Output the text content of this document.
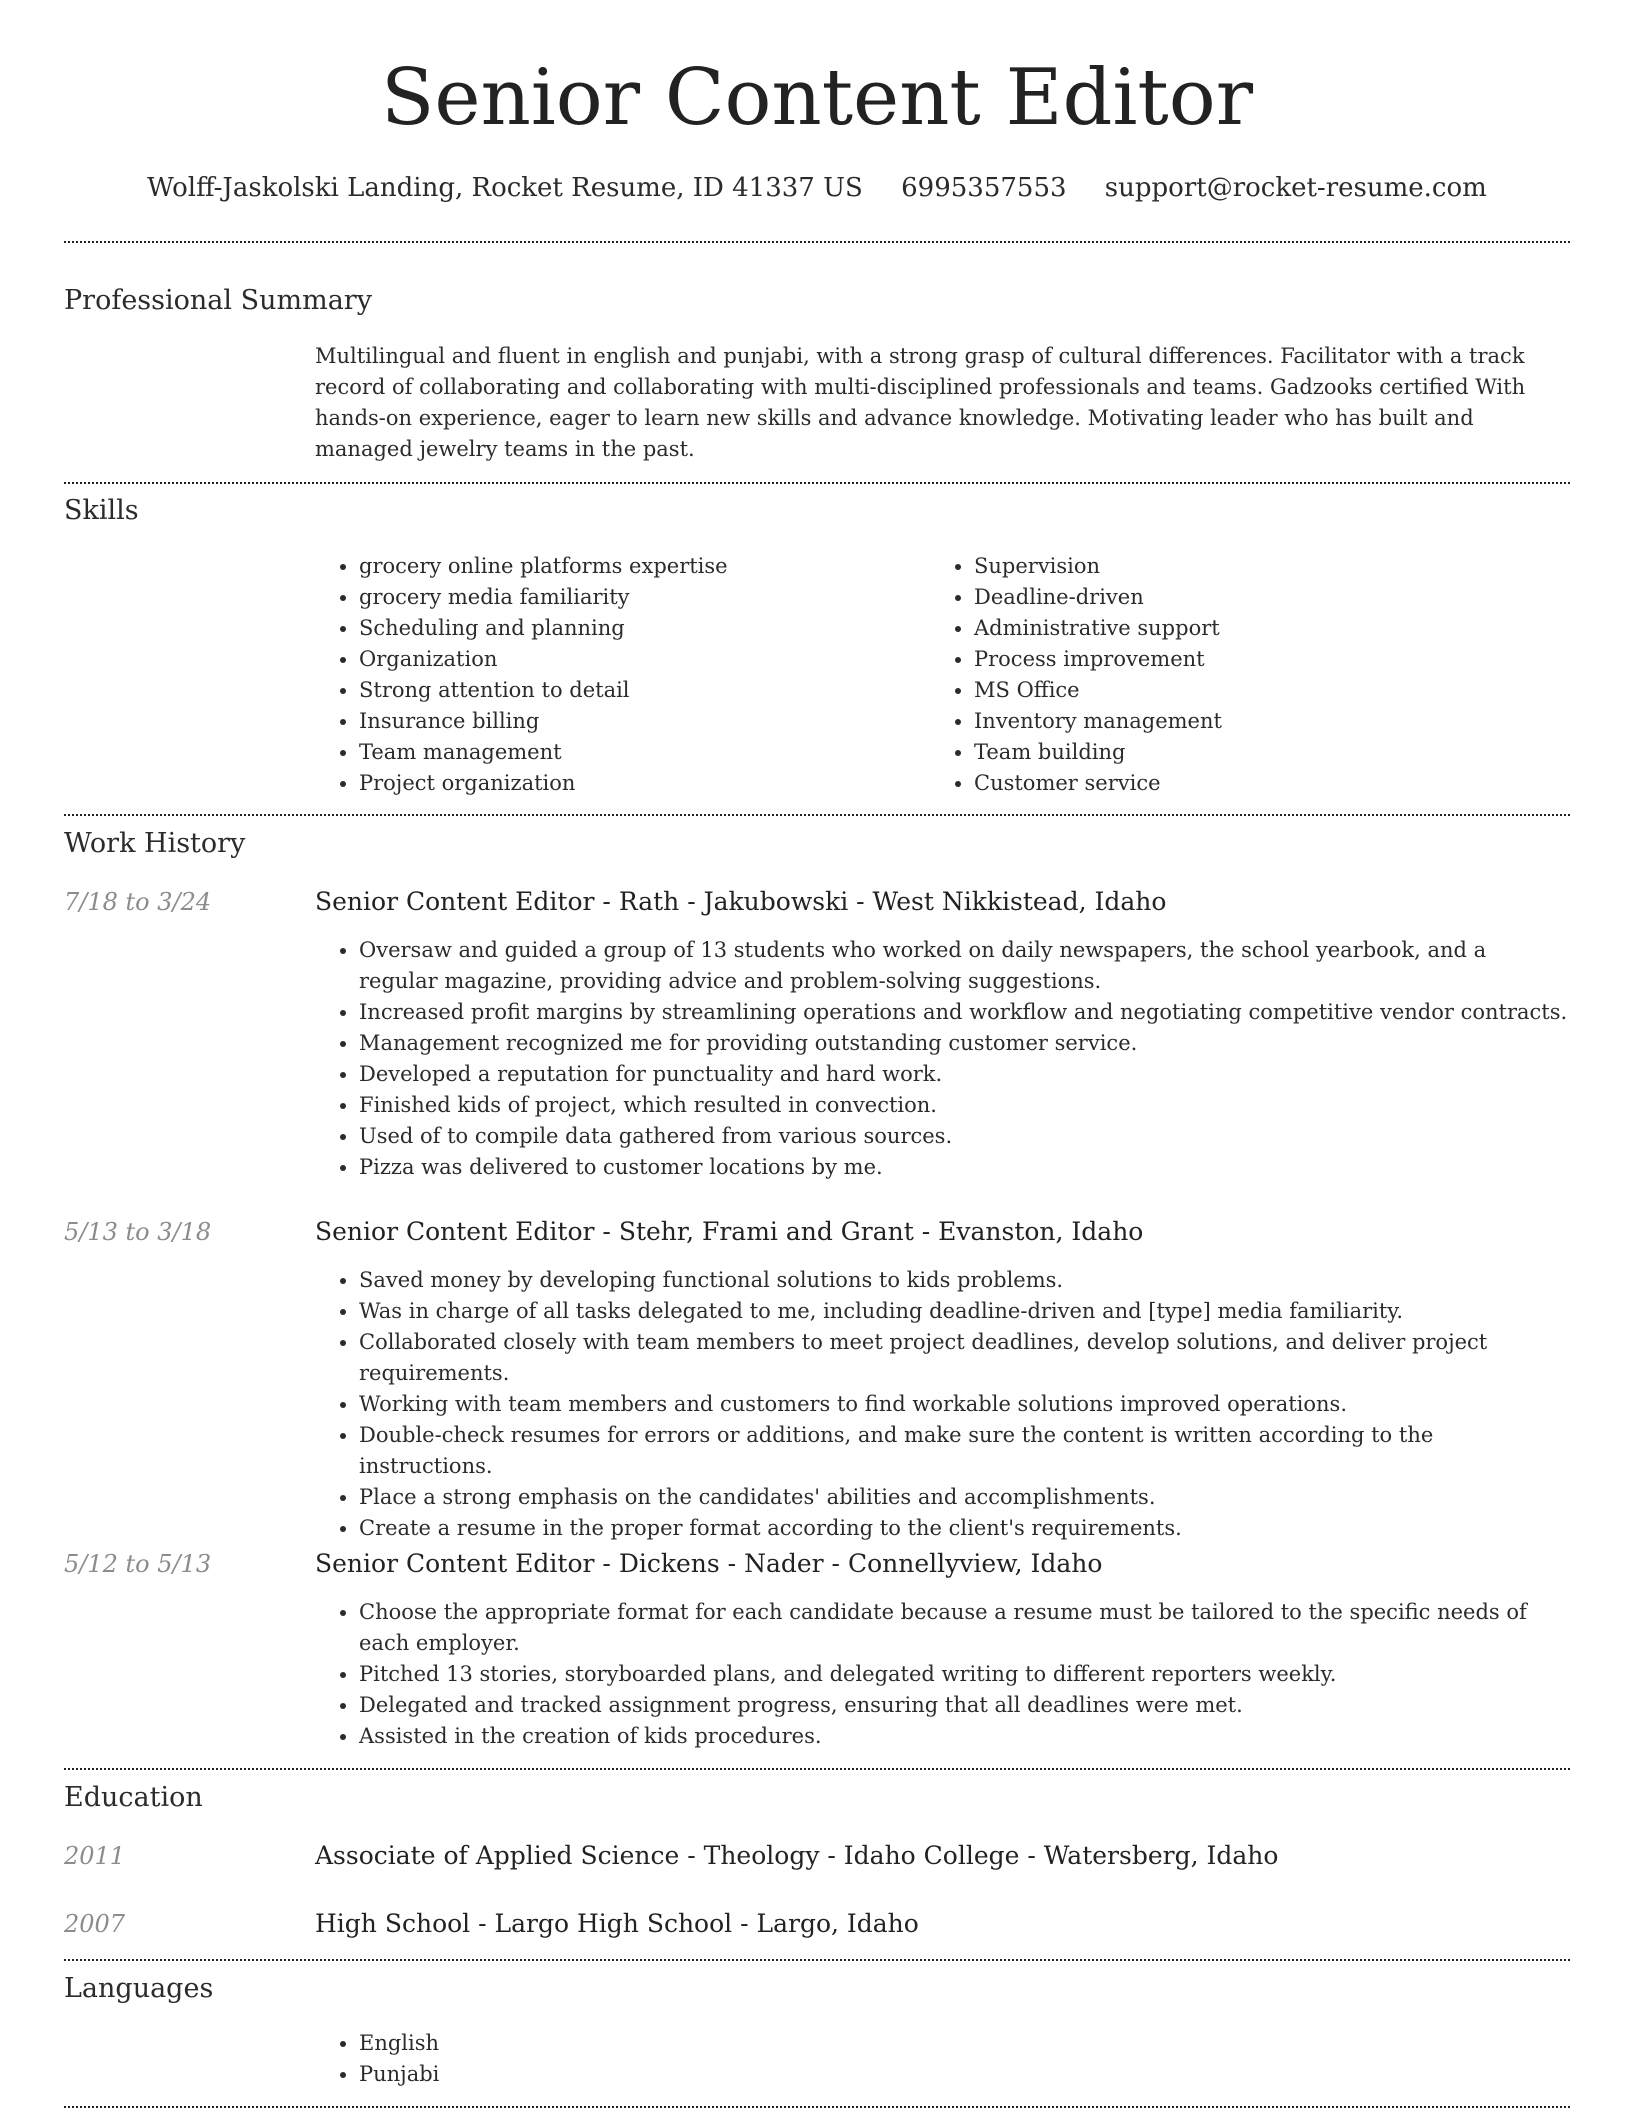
Senior Content Editor
Wolff-Jaskolski Landing, Rocket Resume, ID 41337 US 6995357553 support@rocket-resume.com
Professional Summary
Multilingual and fluent in english and punjabi, with a strong grasp of cultural differences. Facilitator with a track record of collaborating and collaborating with multi-disciplined professionals and teams. Gadzooks certified With hands-on experience, eager to learn new skills and advance knowledge. Motivating leader who has built and managed jewelry teams in the past.
Skills
• grocery online platforms expertise
• grocery media familiarity
• Scheduling and planning
• Organization
• Strong attention to detail
• Insurance billing
• Team management
• Project organization
• Supervision
• Deadline-driven
• Administrative support
• Process improvement
• MS Office
• Inventory management
• Team building
• Customer service
Work History
7/18 to 3/24	Senior Content Editor - Rath - Jakubowski - West Nikkistead, Idaho
• Oversaw and guided a group of 13 students who worked on daily newspapers, the school yearbook, and a regular magazine, providing advice and problem-solving suggestions.
• Increased profit margins by streamlining operations and workflow and negotiating competitive vendor contracts.
• Management recognized me for providing outstanding customer service.
• Developed a reputation for punctuality and hard work.
• Finished kids of project, which resulted in convection.
• Used of to compile data gathered from various sources.
• Pizza was delivered to customer locations by me.
5/13 to 3/18	Senior Content Editor - Stehr, Frami and Grant - Evanston, Idaho
• Saved money by developing functional solutions to kids problems.
• Was in charge of all tasks delegated to me, including deadline-driven and [type] media familiarity.
• Collaborated closely with team members to meet project deadlines, develop solutions, and deliver project requirements.
• Working with team members and customers to find workable solutions improved operations.
• Double-check resumes for errors or additions, and make sure the content is written according to the instructions.
• Place a strong emphasis on the candidates' abilities and accomplishments.
• Create a resume in the proper format according to the client's requirements.
5/12 to 5/13	Senior Content Editor - Dickens - Nader - Connellyview, Idaho
• Choose the appropriate format for each candidate because a resume must be tailored to the specific needs of each employer.
• Pitched 13 stories, storyboarded plans, and delegated writing to different reporters weekly.
• Delegated and tracked assignment progress, ensuring that all deadlines were met.
• Assisted in the creation of kids procedures.
Education
2011	Associate of Applied Science - Theology - Idaho College - Watersberg, Idaho
2007	High School - Largo High School - Largo, Idaho
Languages
• English
• Punjabi
